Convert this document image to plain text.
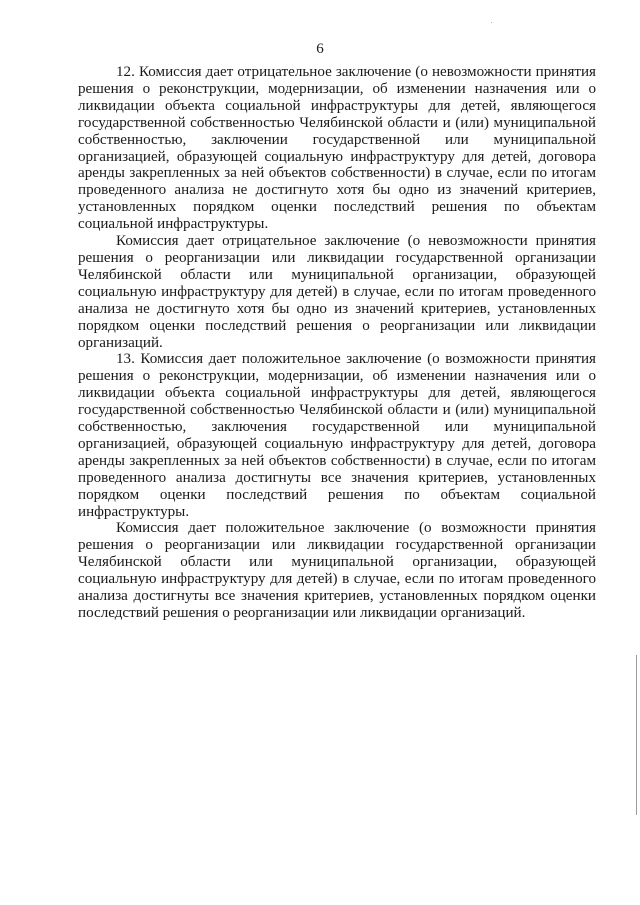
6

12. Комиссия дает отрицательное заключение (о невозможности принятия решения о реконструкции, модернизации, об изменении назначения или о ликвидации объекта социальной инфраструктуры для детей, являющегося государственной собственностью Челябинской области и (или) муниципальной собственностью, заключении государственной или муниципальной организацией, образующей социальную инфраструктуру для детей, договора аренды закрепленных за ней объектов собственности) в случае, если по итогам проведенного анализа не достигнуто хотя бы одно из значений критериев, установленных порядком оценки последствий решения по объектам социальной инфраструктуры.

Комиссия дает отрицательное заключение (о невозможности принятия решения о реорганизации или ликвидации государственной организации Челябинской области или муниципальной организации, образующей социальную инфраструктуру для детей) в случае, если по итогам проведенного анализа не достигнуто хотя бы одно из значений критериев, установленных порядком оценки последствий решения о реорганизации или ликвидации организаций.

13. Комиссия дает положительное заключение (о возможности принятия решения о реконструкции, модернизации, об изменении назначения или о ликвидации объекта социальной инфраструктуры для детей, являющегося государственной собственностью Челябинской области и (или) муниципальной собственностью, заключения государственной или муниципальной организацией, образующей социальную инфраструктуру для детей, договора аренды закрепленных за ней объектов собственности) в случае, если по итогам проведенного анализа достигнуты все значения критериев, установленных порядком оценки последствий решения по объектам социальной инфраструктуры.

Комиссия дает положительное заключение (о возможности принятия решения о реорганизации или ликвидации государственной организации Челябинской области или муниципальной организации, образующей социальную инфраструктуру для детей) в случае, если по итогам проведенного анализа достигнуты все значения критериев, установленных порядком оценки последствий решения о реорганизации или ликвидации организаций.
